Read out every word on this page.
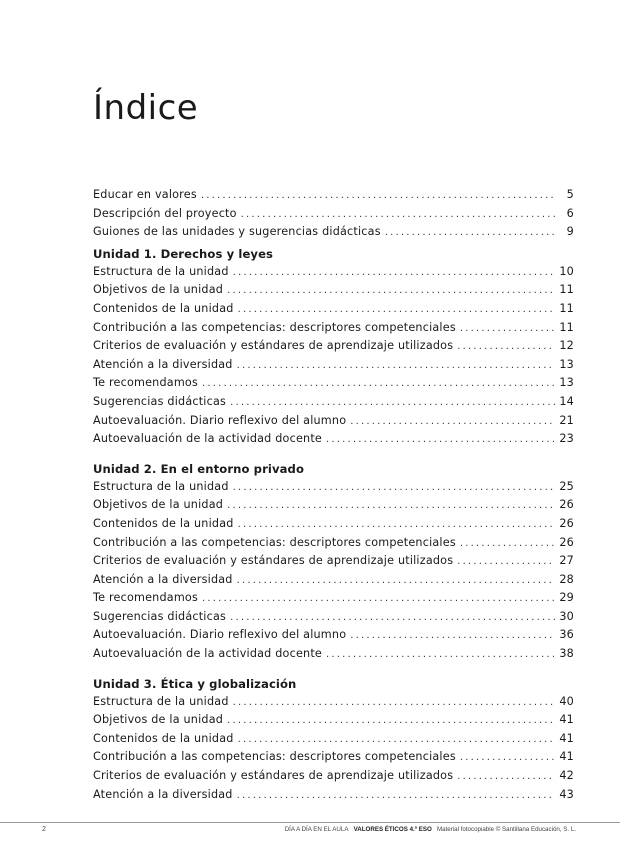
Índice
Educar en valores .....	5
Descripción del proyecto .....	6
Guiones de las unidades y sugerencias didácticas .....	9
Unidad 1. Derechos y leyes
Estructura de la unidad .....	10
Objetivos de la unidad .....	11
Contenidos de la unidad .....	11
Contribución a las competencias: descriptores competenciales .....	11
Criterios de evaluación y estándares de aprendizaje utilizados .....	12
Atención a la diversidad .....	13
Te recomendamos .....	13
Sugerencias didácticas .....	14
Autoevaluación. Diario reflexivo del alumno .....	21
Autoevaluación de la actividad docente .....	23
Unidad 2. En el entorno privado
Estructura de la unidad .....	25
Objetivos de la unidad .....	26
Contenidos de la unidad .....	26
Contribución a las competencias: descriptores competenciales .....	26
Criterios de evaluación y estándares de aprendizaje utilizados .....	27
Atención a la diversidad .....	28
Te recomendamos .....	29
Sugerencias didácticas .....	30
Autoevaluación. Diario reflexivo del alumno .....	36
Autoevaluación de la actividad docente .....	38
Unidad 3. Ética y globalización
Estructura de la unidad .....	40
Objetivos de la unidad .....	41
Contenidos de la unidad .....	41
Contribución a las competencias: descriptores competenciales .....	41
Criterios de evaluación y estándares de aprendizaje utilizados .....	42
Atención a la diversidad .....	43
2	DÍA A DÍA EN EL AULA VALORES ÉTICOS 4.º ESO Material fotocopiable © Santillana Educación, S. L.
